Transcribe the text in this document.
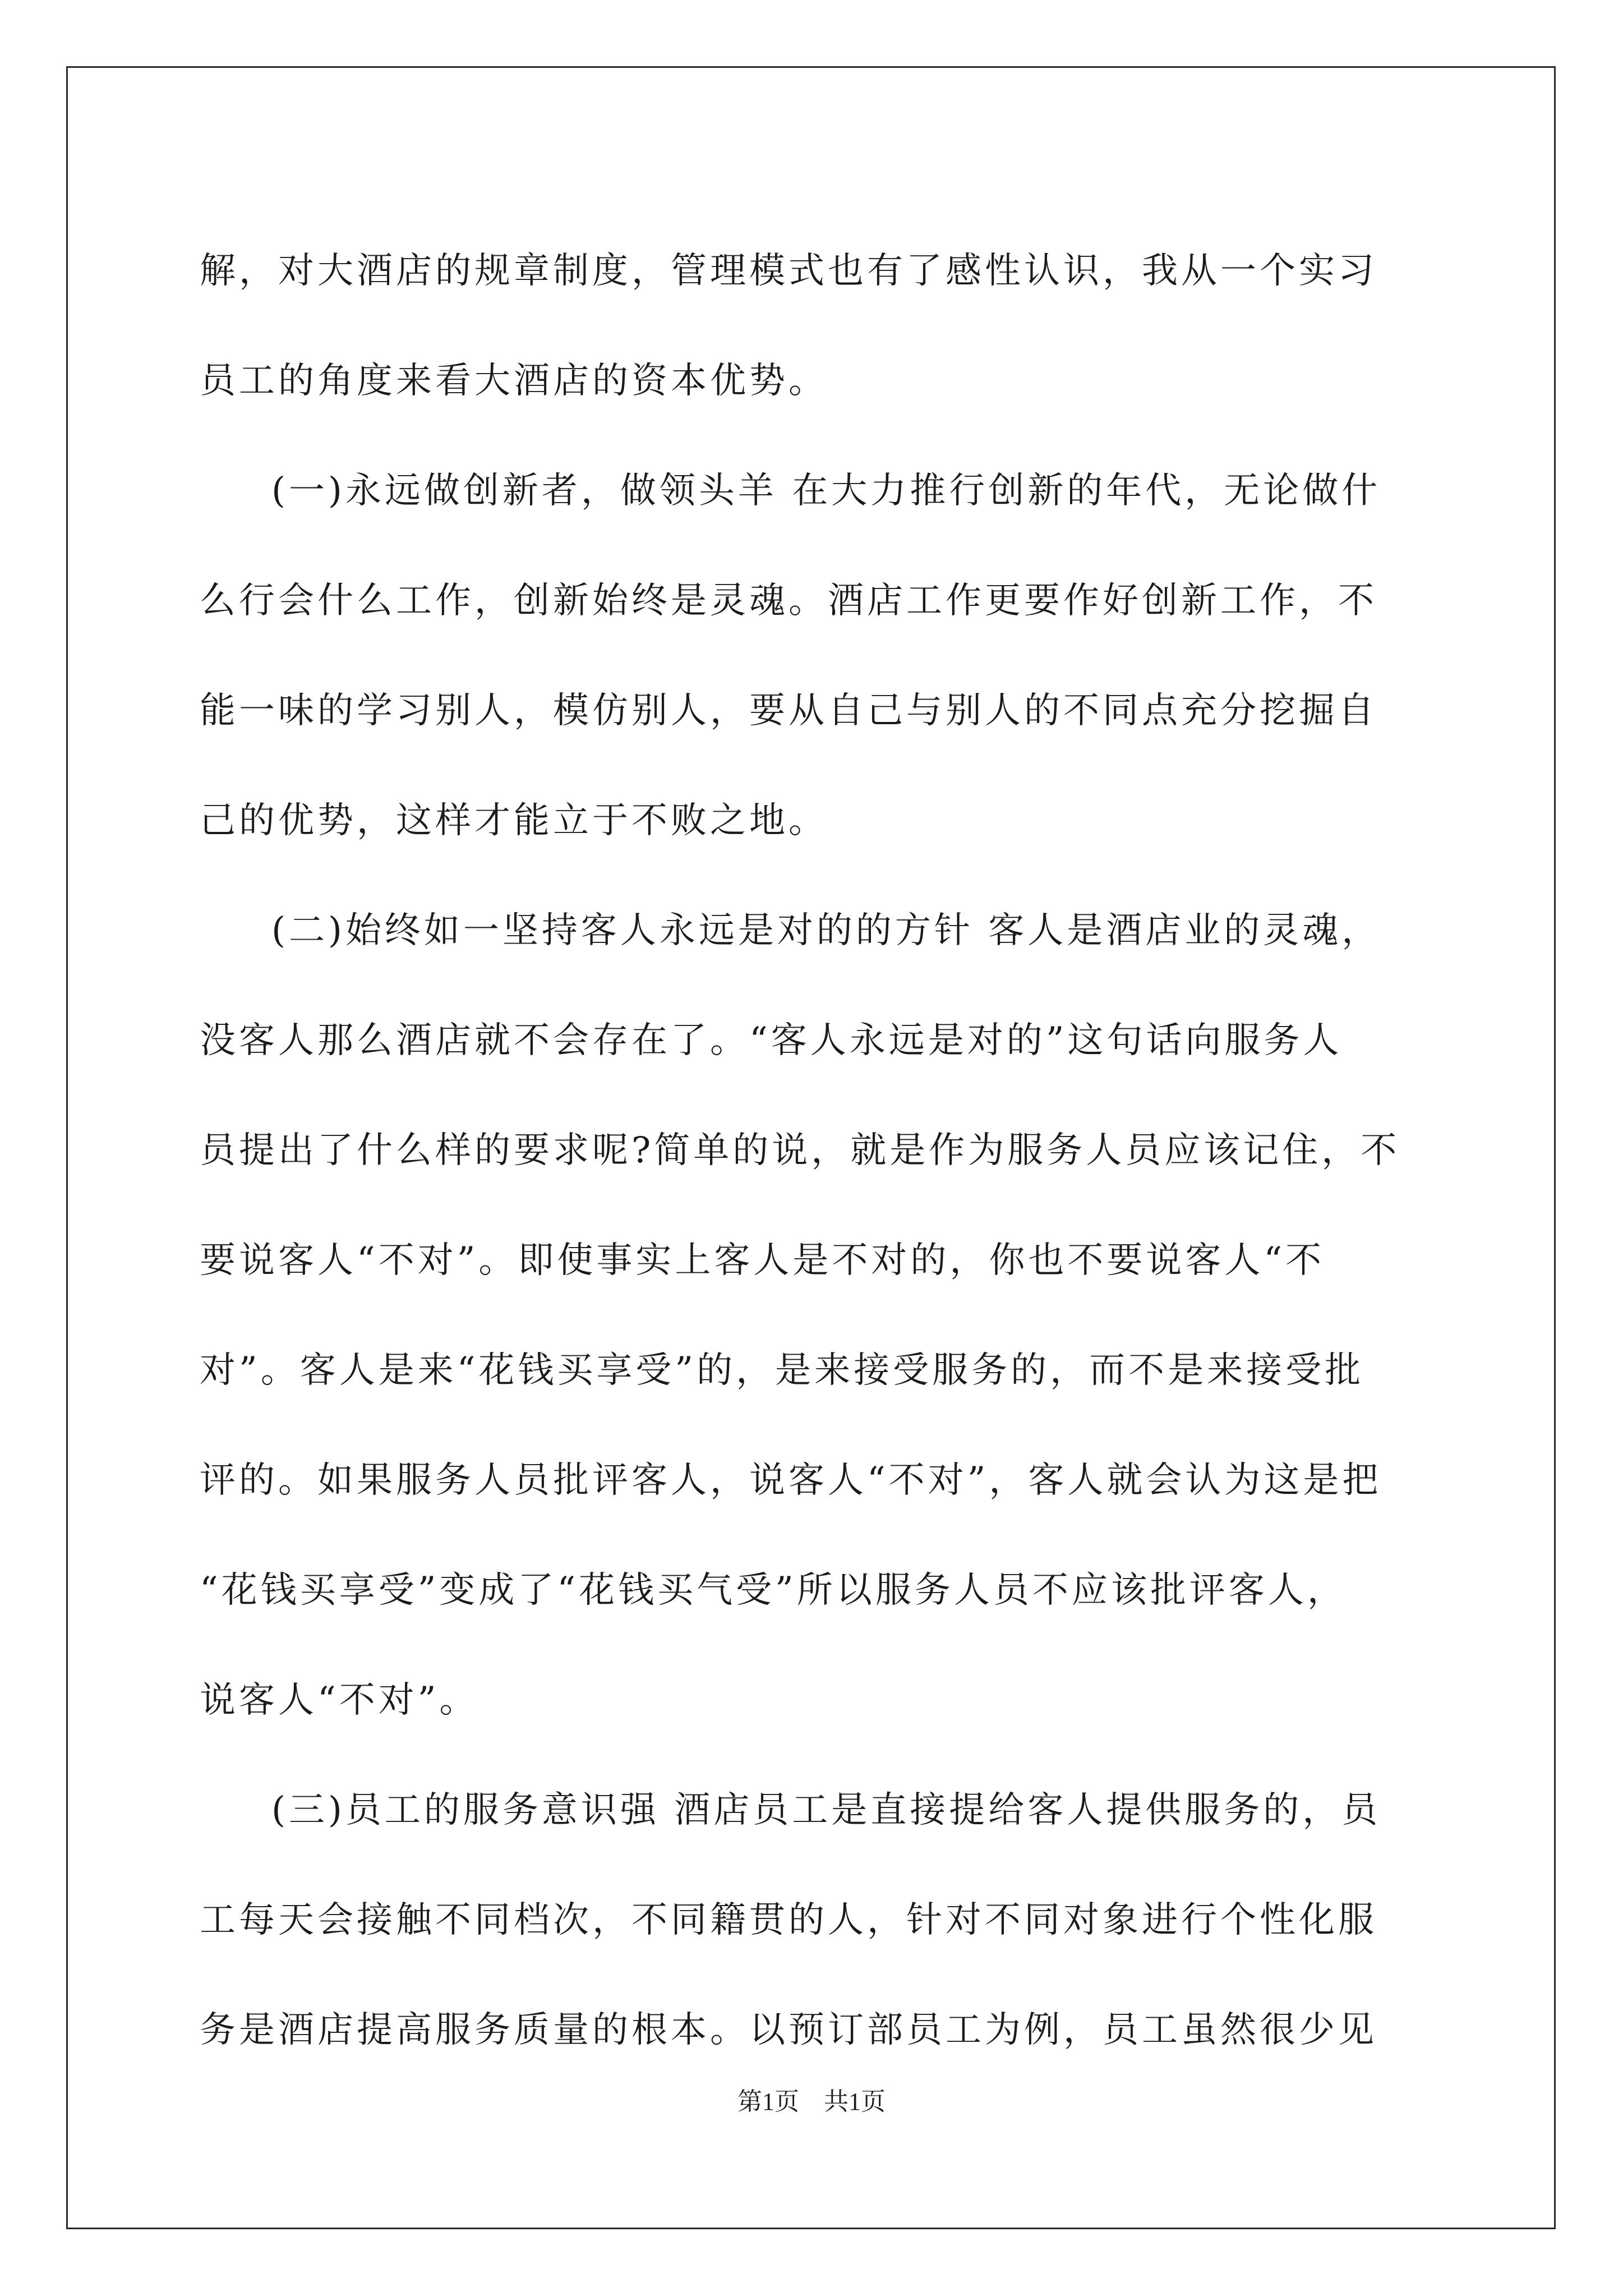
解，对大酒店的规章制度，管理模式也有了感性认识，我从一个实习
员工的角度来看大酒店的资本优势。
(一)永远做创新者，做领头羊 在大力推行创新的年代，无论做什
么行会什么工作，创新始终是灵魂。酒店工作更要作好创新工作，不
能一味的学习别人，模仿别人，要从自己与别人的不同点充分挖掘自
己的优势，这样才能立于不败之地。
(二)始终如一坚持客人永远是对的的方针 客人是酒店业的灵魂，
没客人那么酒店就不会存在了。“客人永远是对的”这句话向服务人
员提出了什么样的要求呢?简单的说，就是作为服务人员应该记住，不
要说客人“不对”。即使事实上客人是不对的，你也不要说客人“不
对”。客人是来“花钱买享受”的，是来接受服务的，而不是来接受批
评的。如果服务人员批评客人，说客人“不对”，客人就会认为这是把
“花钱买享受”变成了“花钱买气受”所以服务人员不应该批评客人，
说客人“不对”。
(三)员工的服务意识强 酒店员工是直接提给客人提供服务的，员
工每天会接触不同档次，不同籍贯的人，针对不同对象进行个性化服
务是酒店提高服务质量的根本。以预订部员工为例，员工虽然很少见
第1页　共1页
